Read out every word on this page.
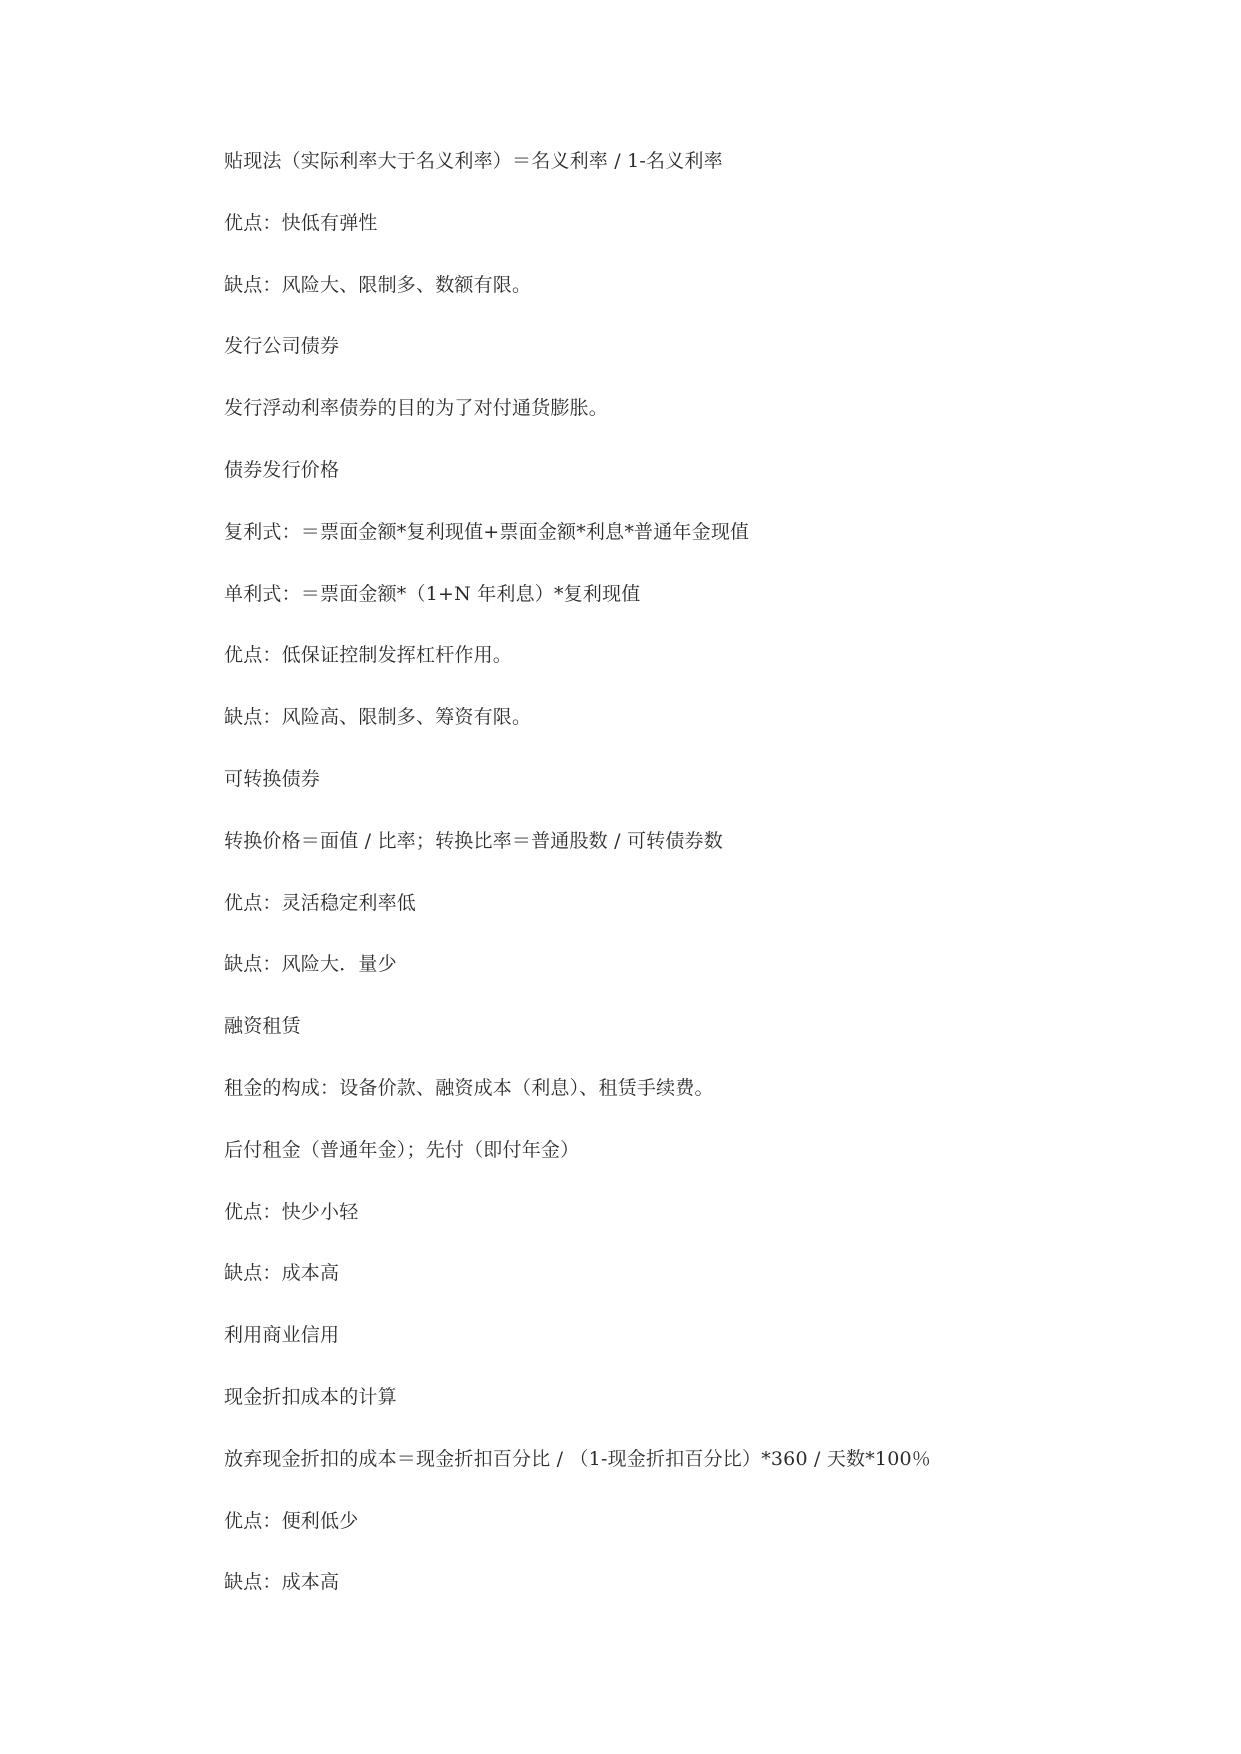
贴现法（实际利率大于名义利率）＝名义利率 / 1-名义利率
优点：快低有弹性
缺点：风险大、限制多、数额有限。
发行公司债券
发行浮动利率债券的目的为了对付通货膨胀。
债券发行价格
复利式：＝票面金额*复利现值+票面金额*利息*普通年金现值
单利式：＝票面金额*（1+N 年利息）*复利现值
优点：低保证控制发挥杠杆作用。
缺点：风险高、限制多、筹资有限。
可转换债券
转换价格＝面值 / 比率；转换比率＝普通股数 / 可转债券数
优点：灵活稳定利率低
缺点：风险大．量少
融资租赁
租金的构成：设备价款、融资成本（利息）、租赁手续费。
后付租金（普通年金）；先付（即付年金）
优点：快少小轻
缺点：成本高
利用商业信用
现金折扣成本的计算
放弃现金折扣的成本＝现金折扣百分比 / （1-现金折扣百分比）*360 / 天数*100％
优点：便利低少
缺点：成本高
